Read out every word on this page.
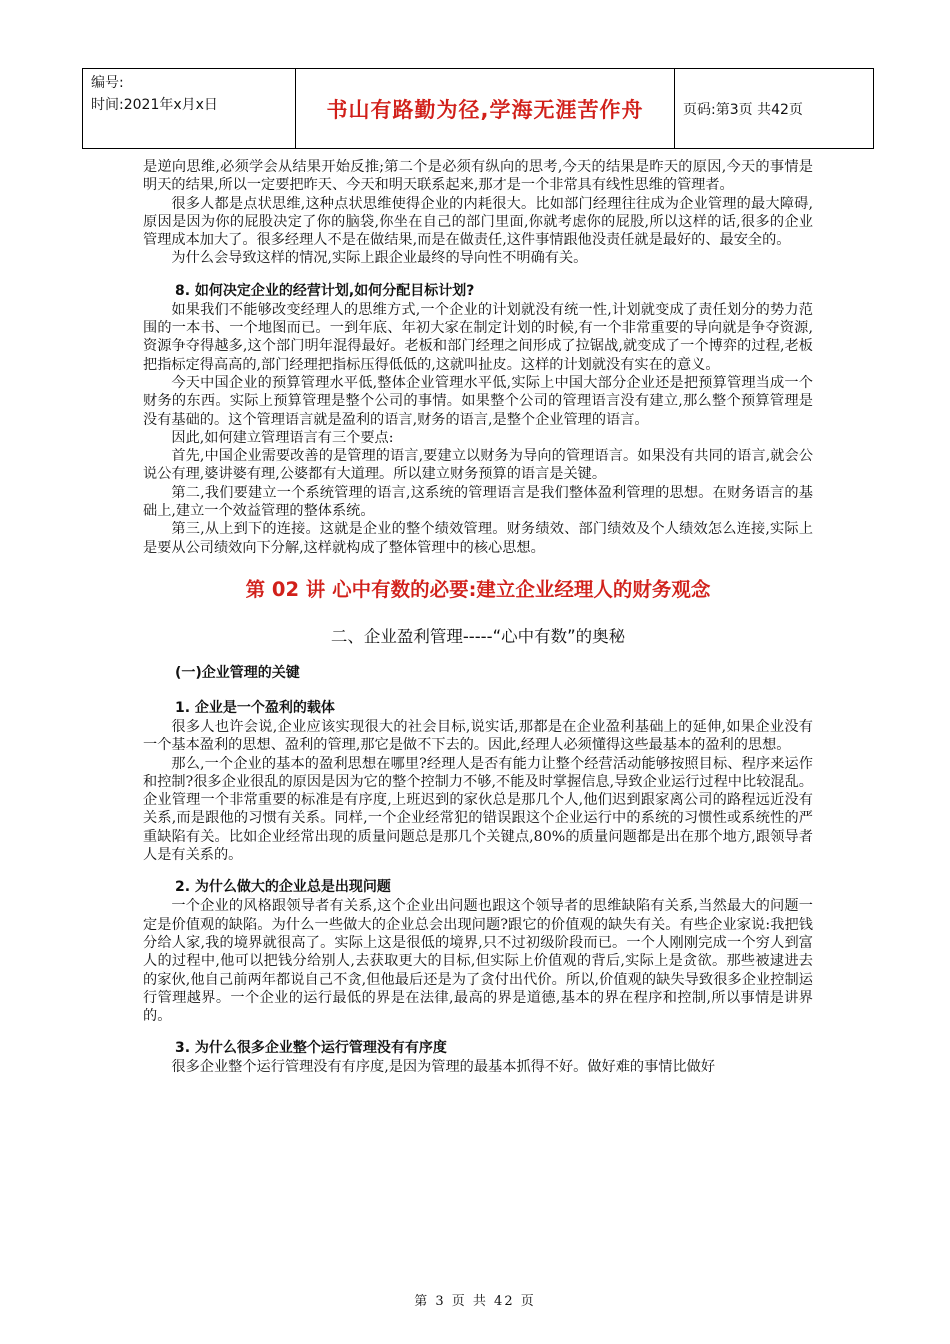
编号:
时间:2021年x月x日	书山有路勤为径,学海无涯苦作舟	页码:第3页 共42页

是逆向思维,必须学会从结果开始反推;第二个是必须有纵向的思考,今天的结果是昨天的原因,今天的事情是明天的结果,所以一定要把昨天、今天和明天联系起来,那才是一个非常具有线性思维的管理者。

很多人都是点状思维,这种点状思维使得企业的内耗很大。比如部门经理往往成为企业管理的最大障碍,原因是因为你的屁股决定了你的脑袋,你坐在自己的部门里面,你就考虑你的屁股,所以这样的话,很多的企业管理成本加大了。很多经理人不是在做结果,而是在做责任,这件事情跟他没责任就是最好的、最安全的。

为什么会导致这样的情况,实际上跟企业最终的导向性不明确有关。

8. 如何决定企业的经营计划,如何分配目标计划?

如果我们不能够改变经理人的思维方式,一个企业的计划就没有统一性,计划就变成了责任划分的势力范围的一本书、一个地图而已。一到年底、年初大家在制定计划的时候,有一个非常重要的导向就是争夺资源,资源争夺得越多,这个部门明年混得最好。老板和部门经理之间形成了拉锯战,就变成了一个博弈的过程,老板把指标定得高高的,部门经理把指标压得低低的,这就叫扯皮。这样的计划就没有实在的意义。

今天中国企业的预算管理水平低,整体企业管理水平低,实际上中国大部分企业还是把预算管理当成一个财务的东西。实际上预算管理是整个公司的事情。如果整个公司的管理语言没有建立,那么整个预算管理是没有基础的。这个管理语言就是盈利的语言,财务的语言,是整个企业管理的语言。

因此,如何建立管理语言有三个要点:

首先,中国企业需要改善的是管理的语言,要建立以财务为导向的管理语言。如果没有共同的语言,就会公说公有理,婆讲婆有理,公婆都有大道理。所以建立财务预算的语言是关键。

第二,我们要建立一个系统管理的语言,这系统的管理语言是我们整体盈利管理的思想。在财务语言的基础上,建立一个效益管理的整体系统。

第三,从上到下的连接。这就是企业的整个绩效管理。财务绩效、部门绩效及个人绩效怎么连接,实际上是要从公司绩效向下分解,这样就构成了整体管理中的核心思想。

第 02 讲 心中有数的必要:建立企业经理人的财务观念
二、企业盈利管理-----“心中有数”的奥秘
(一)企业管理的关键
1. 企业是一个盈利的载体

很多人也许会说,企业应该实现很大的社会目标,说实话,那都是在企业盈利基础上的延伸,如果企业没有一个基本盈利的思想、盈利的管理,那它是做不下去的。因此,经理人必须懂得这些最基本的盈利的思想。

那么,一个企业的基本的盈利思想在哪里?经理人是否有能力让整个经营活动能够按照目标、程序来运作和控制?很多企业很乱的原因是因为它的整个控制力不够,不能及时掌握信息,导致企业运行过程中比较混乱。企业管理一个非常重要的标准是有序度,上班迟到的家伙总是那几个人,他们迟到跟家离公司的路程远近没有关系,而是跟他的习惯有关系。同样,一个企业经常犯的错误跟这个企业运行中的系统的习惯性或系统性的严重缺陷有关。比如企业经常出现的质量问题总是那几个关键点,80%的质量问题都是出在那个地方,跟领导者人是有关系的。

2. 为什么做大的企业总是出现问题

一个企业的风格跟领导者有关系,这个企业出问题也跟这个领导者的思维缺陷有关系,当然最大的问题一定是价值观的缺陷。为什么一些做大的企业总会出现问题?跟它的价值观的缺失有关。有些企业家说:我把钱分给人家,我的境界就很高了。实际上这是很低的境界,只不过初级阶段而已。一个人刚刚完成一个穷人到富人的过程中,他可以把钱分给别人,去获取更大的目标,但实际上价值观的背后,实际上是贪欲。那些被逮进去的家伙,他自己前两年都说自己不贪,但他最后还是为了贪付出代价。所以,价值观的缺失导致很多企业控制运行管理越界。一个企业的运行最低的界是在法律,最高的界是道德,基本的界在程序和控制,所以事情是讲界的。

3. 为什么很多企业整个运行管理没有有序度

很多企业整个运行管理没有有序度,是因为管理的最基本抓得不好。做好难的事情比做好

第 3 页 共 42 页
